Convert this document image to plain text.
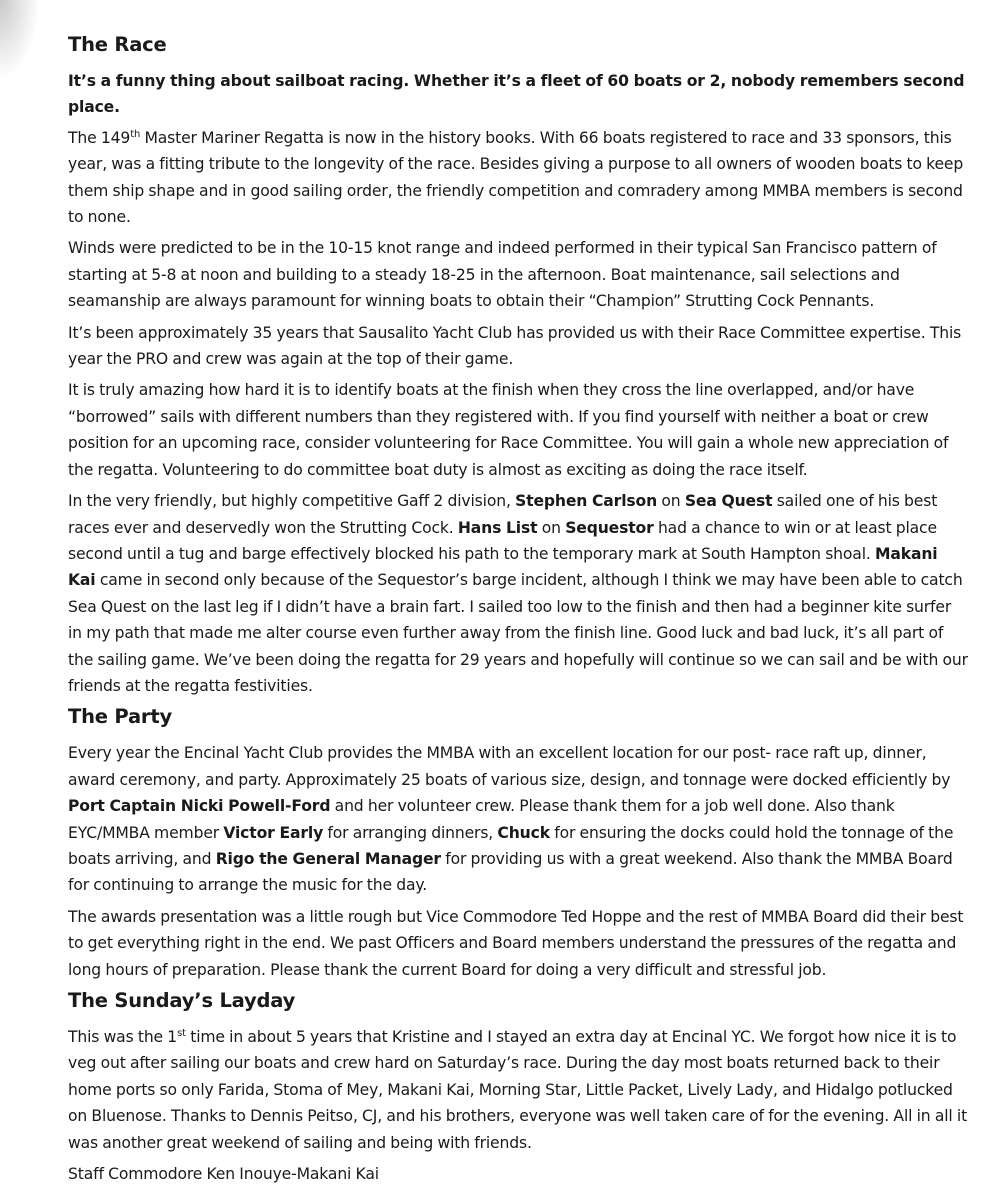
The Race

It’s a funny thing about sailboat racing. Whether it’s a fleet of 60 boats or 2, nobody remembers second place.

The 149th Master Mariner Regatta is now in the history books. With 66 boats registered to race and 33 sponsors, this year, was a fitting tribute to the longevity of the race. Besides giving a purpose to all owners of wooden boats to keep them ship shape and in good sailing order, the friendly competition and comradery among MMBA members is second to none.

Winds were predicted to be in the 10-15 knot range and indeed performed in their typical San Francisco pattern of starting at 5-8 at noon and building to a steady 18-25 in the afternoon. Boat maintenance, sail selections and seamanship are always paramount for winning boats to obtain their “Champion” Strutting Cock Pennants.

It’s been approximately 35 years that Sausalito Yacht Club has provided us with their Race Committee expertise. This year the PRO and crew was again at the top of their game.

It is truly amazing how hard it is to identify boats at the finish when they cross the line overlapped, and/or have “borrowed” sails with different numbers than they registered with. If you find yourself with neither a boat or crew position for an upcoming race, consider volunteering for Race Committee. You will gain a whole new appreciation of the regatta. Volunteering to do committee boat duty is almost as exciting as doing the race itself.

In the very friendly, but highly competitive Gaff 2 division, Stephen Carlson on Sea Quest sailed one of his best races ever and deservedly won the Strutting Cock. Hans List on Sequestor had a chance to win or at least place second until a tug and barge effectively blocked his path to the temporary mark at South Hampton shoal. Makani Kai came in second only because of the Sequestor’s barge incident, although I think we may have been able to catch Sea Quest on the last leg if I didn’t have a brain fart. I sailed too low to the finish and then had a beginner kite surfer in my path that made me alter course even further away from the finish line. Good luck and bad luck, it’s all part of the sailing game. We’ve been doing the regatta for 29 years and hopefully will continue so we can sail and be with our friends at the regatta festivities.

The Party

Every year the Encinal Yacht Club provides the MMBA with an excellent location for our post- race raft up, dinner, award ceremony, and party. Approximately 25 boats of various size, design, and tonnage were docked efficiently by Port Captain Nicki Powell-Ford and her volunteer crew. Please thank them for a job well done. Also thank EYC/MMBA member Victor Early for arranging dinners, Chuck for ensuring the docks could hold the tonnage of the boats arriving, and Rigo the General Manager for providing us with a great weekend. Also thank the MMBA Board for continuing to arrange the music for the day.

The awards presentation was a little rough but Vice Commodore Ted Hoppe and the rest of MMBA Board did their best to get everything right in the end. We past Officers and Board members understand the pressures of the regatta and long hours of preparation. Please thank the current Board for doing a very difficult and stressful job.

The Sunday’s Layday

This was the 1st time in about 5 years that Kristine and I stayed an extra day at Encinal YC. We forgot how nice it is to veg out after sailing our boats and crew hard on Saturday’s race. During the day most boats returned back to their home ports so only Farida, Stoma of Mey, Makani Kai, Morning Star, Little Packet, Lively Lady, and Hidalgo potlucked on Bluenose. Thanks to Dennis Peitso, CJ, and his brothers, everyone was well taken care of for the evening. All in all it was another great weekend of sailing and being with friends.

Staff Commodore Ken Inouye-Makani Kai
